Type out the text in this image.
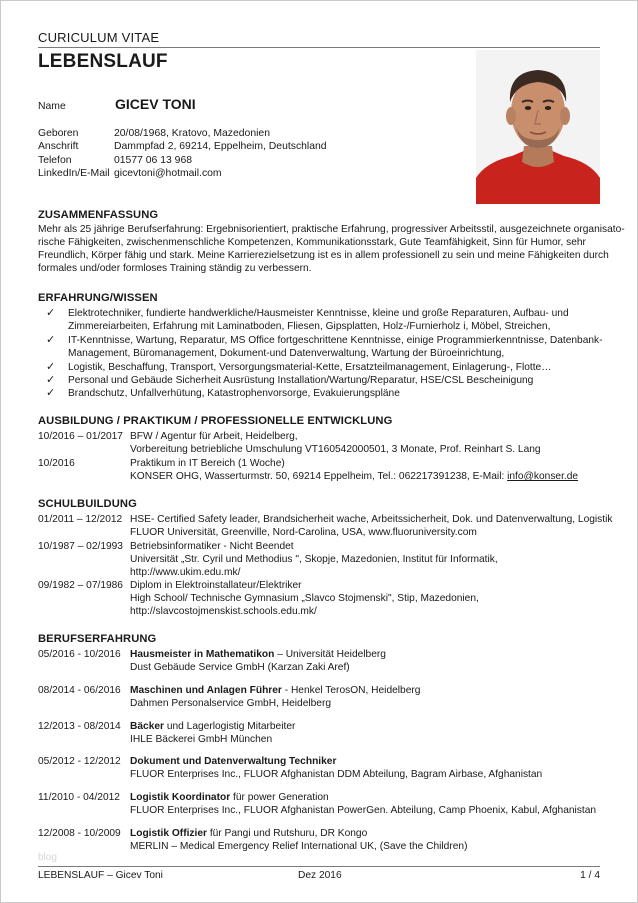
CURICULUM VITAE
LEBENSLAUF
Name	GICEV TONI
Geboren	20/08/1968, Kratovo, Mazedonien
Anschrift	Dammpfad 2, 69214, Eppelheim, Deutschland
Telefon	01577 06 13 968
LinkedIn/E-Mail gicevtoni@hotmail.com
ZUSAMMENFASSUNG
Mehr als 25 jährige Berufserfahrung: Ergebnisorientiert, praktische Erfahrung, progressiver Arbeitsstil, ausgezeichnete organisato-
rische Fähigkeiten, zwischenmenschliche Kompetenzen, Kommunikationsstark, Gute Teamfähigkeit, Sinn für Humor, sehr
Freundlich, Körper fähig und stark. Meine Karrierezielsetzung ist es in allem professionell zu sein und meine Fähigkeiten durch
formales und/oder formloses Training ständig zu verbessern.
ERFAHRUNG/WISSEN
✓ Elektrotechniker, fundierte handwerkliche/Hausmeister Kenntnisse, kleine und große Reparaturen, Aufbau- und
Zimmereiarbeiten, Erfahrung mit Laminatboden, Fliesen, Gipsplatten, Holz-/Furnierholz i, Möbel, Streichen,
✓ IT-Kenntnisse, Wartung, Reparatur, MS Office fortgeschrittene Kenntnisse, einige Programmierkenntnisse, Datenbank-
Management, Büromanagement, Dokument-und Datenverwaltung, Wartung der Büroeinrichtung,
✓ Logistik, Beschaffung, Transport, Versorgungsmaterial-Kette, Ersatzteilmanagement, Einlagerung-, Flotte…
✓ Personal und Gebäude Sicherheit Ausrüstung Installation/Wartung/Reparatur, HSE/CSL Bescheinigung
✓ Brandschutz, Unfallverhütung, Katastrophenvorsorge, Evakuierungspläne
AUSBILDUNG / PRAKTIKUM / PROFESSIONELLE ENTWICKLUNG
10/2016 – 01/2017 BFW / Agentur für Arbeit, Heidelberg,
Vorbereitung betriebliche Umschulung VT160542000501, 3 Monate, Prof. Reinhart S. Lang
10/2016	Praktikum in IT Bereich (1 Woche)
KONSER OHG, Wasserturmstr. 50, 69214 Eppelheim, Tel.: 062217391238, E-Mail: info@konser.de
SCHULBUILDUNG
01/2011 – 12/2012 HSE- Certified Safety leader, Brandsicherheit wache, Arbeitssicherheit, Dok. und Datenverwaltung, Logistik
FLUOR Universität, Greenville, Nord-Carolina, USA, www.fluoruniversity.com
10/1987 – 02/1993 Betriebsinformatiker - Nicht Beendet
Universität „Str. Cyril und Methodius ", Skopje, Mazedonien, Institut für Informatik,
http://www.ukim.edu.mk/
09/1982 – 07/1986 Diplom in Elektroinstallateur/Elektriker
High School/ Technische Gymnasium „Slavco Stojmenski", Stip, Mazedonien,
http://slavcostojmenskist.schools.edu.mk/
BERUFSERFAHRUNG
05/2016 - 10/2016 Hausmeister in Mathematikon – Universität Heidelberg
Dust Gebäude Service GmbH (Karzan Zaki Aref)
08/2014 - 06/2016 Maschinen und Anlagen Führer - Henkel TerosON, Heidelberg
Dahmen Personalservice GmbH, Heidelberg
12/2013 - 08/2014 Bäcker und Lagerlogistig Mitarbeiter
IHLE Bäckerei GmbH München
05/2012 - 12/2012 Dokument und Datenverwaltung Techniker
FLUOR Enterprises Inc., FLUOR Afghanistan DDM Abteilung, Bagram Airbase, Afghanistan
11/2010 - 04/2012 Logistik Koordinator für power Generation
FLUOR Enterprises Inc., FLUOR Afghanistan PowerGen. Abteilung, Camp Phoenix, Kabul, Afghanistan
12/2008 - 10/2009 Logistik Offizier für Pangi und Rutshuru, DR Kongo
MERLIN – Medical Emergency Relief International UK, (Save the Children)
blog
LEBENSLAUF – Gicev Toni	Dez 2016	1 / 4
